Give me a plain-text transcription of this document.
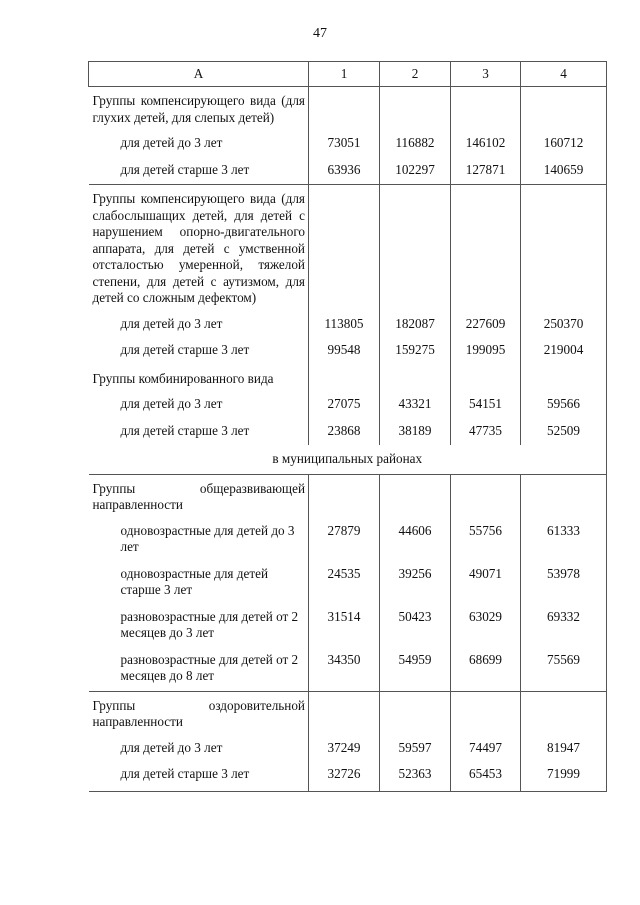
47
А	1	2	3	4
Группы компенсирующего вида (для глухих детей, для слепых детей)				
для детей до 3 лет	73051	116882	146102	160712
для детей старше 3 лет	63936	102297	127871	140659
Группы компенсирующего вида (для слабослышащих детей, для детей с нарушением опорно-двигательного аппарата, для детей с умственной отсталостью умеренной, тяжелой степени, для детей с аутизмом, для детей со сложным дефектом)				
для детей до 3 лет	113805	182087	227609	250370
для детей старше 3 лет	99548	159275	199095	219004
Группы комбинированного вида				
для детей до 3 лет	27075	43321	54151	59566
для детей старше 3 лет	23868	38189	47735	52509
в муниципальных районах				
Группы общеразвивающей направленности				
одновозрастные для детей до 3 лет	27879	44606	55756	61333
одновозрастные для детей старше 3 лет	24535	39256	49071	53978
разновозрастные для детей от 2 месяцев до 3 лет	31514	50423	63029	69332
разновозрастные для детей от 2 месяцев до 8 лет	34350	54959	68699	75569
Группы оздоровительной направленности				
для детей до 3 лет	37249	59597	74497	81947
для детей старше 3 лет	32726	52363	65453	71999
